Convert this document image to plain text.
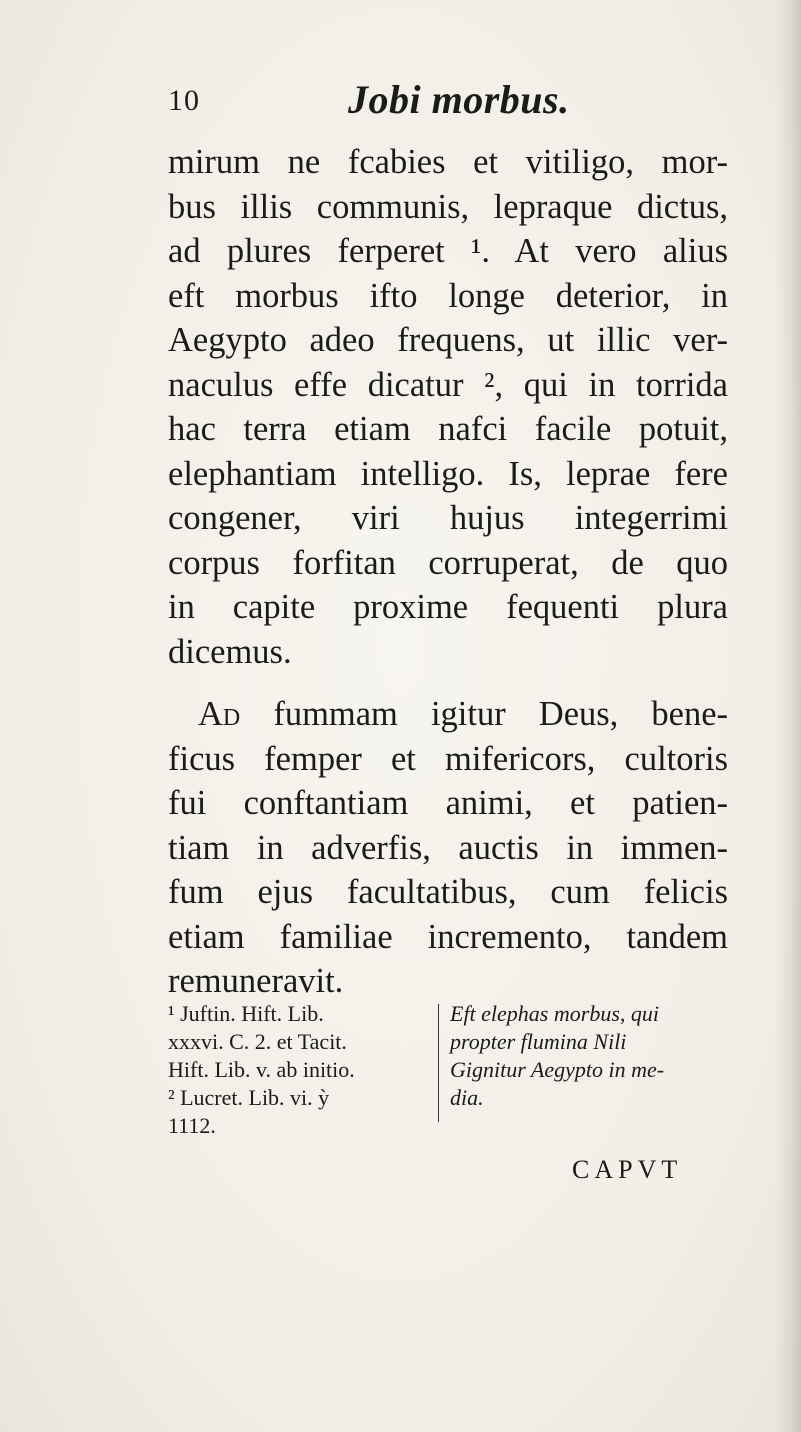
10	Jobi morbus.
mirum ne fcabies et vitiligo, mor-
bus illis communis, lepraque dictus,
ad plures ferperet ¹. At vero alius
eft morbus ifto longe deterior, in
Aegypto adeo frequens, ut illic ver-
naculus effe dicatur ², qui in torrida
hac terra etiam nafci facile potuit,
elephantiam intelligo. Is, leprae fere
congener, viri hujus integerrimi
corpus forfitan corruperat, de quo
in capite proxime fequenti plura
dicemus.
Ad fummam igitur Deus, bene-
ficus femper et mifericors, cultoris
fui conftantiam animi, et patien-
tiam in adverfis, auctis in immen-
fum ejus facultatibus, cum felicis
etiam familiae incremento, tandem
remuneravit.
¹ Juftin. Hift. Lib.
xxxvi. C. 2. et Tacit.
Hift. Lib. v. ab initio.
² Lucret. Lib. vi. ỳ
1112.
Eft elephas morbus, qui
propter flumina Nili
Gignitur Aegypto in me-
dia.
CAPVT
